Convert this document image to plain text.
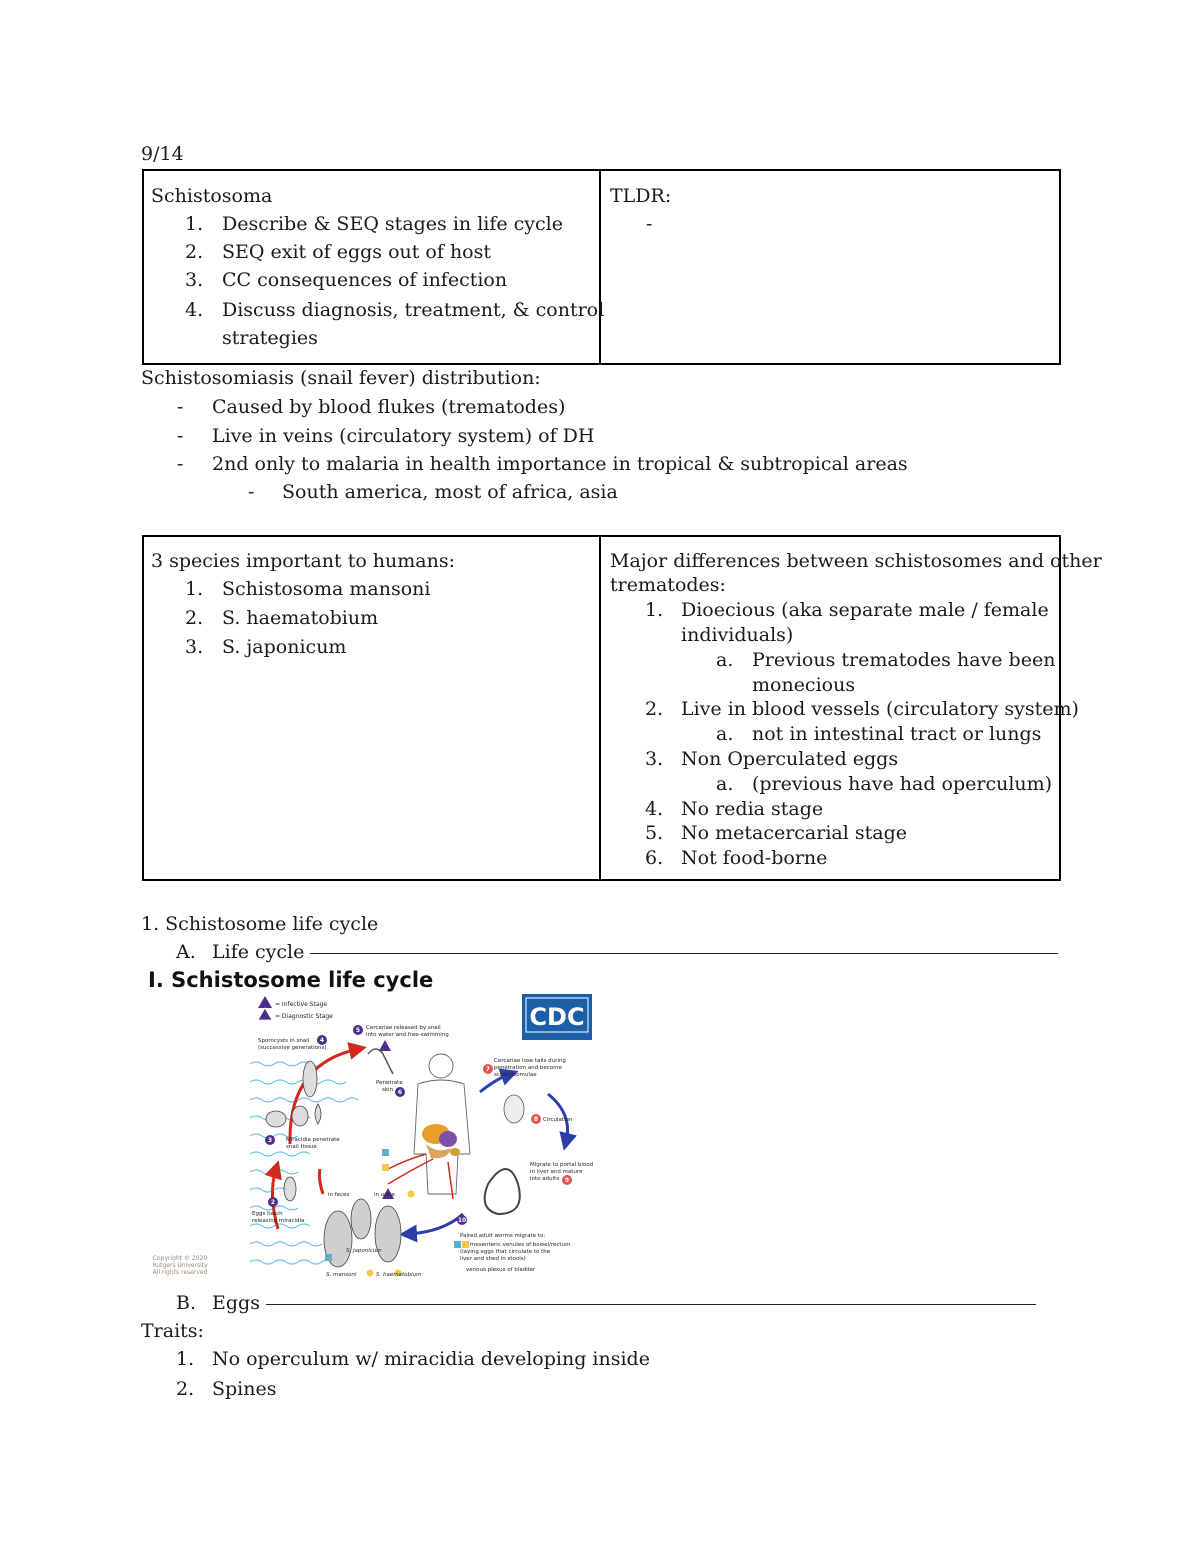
9/14
Schistosoma
1. Describe & SEQ stages in life cycle
2. SEQ exit of eggs out of host
3. CC consequences of infection
4. Discuss diagnosis, treatment, & control
strategies
TLDR:
-
Schistosomiasis (snail fever) distribution:
- Caused by blood flukes (trematodes)
- Live in veins (circulatory system) of DH
- 2nd only to malaria in health importance in tropical & subtropical areas
- South america, most of africa, asia
3 species important to humans:
1. Schistosoma mansoni
2. S. haematobium
3. S. japonicum
Major differences between schistosomes and other
trematodes:
1. Dioecious (aka separate male / female
individuals)
a. Previous trematodes have been
monecious
2. Live in blood vessels (circulatory system)
a. not in intestinal tract or lungs
3. Non Operculated eggs
a. (previous have had operculum)
4. No redia stage
5. No metacercarial stage
6. Not food-borne
1. Schistosome life cycle
A. Life cycle
I. Schistosome life cycle
Copyright © 2020
Rutgers University
All rights reserved
= Infective Stage
= Diagnostic Stage	CDC
5
4
3
2
7
8
9
10
6
Sporocysts in snail
(successive generations)
Cercariae released by snail
into water and free-swimming
Penetrate
skin
Cercariae lose tails during
penetration and become
schistosomulae
Circulation
Migrate to portal blood
in liver and mature
into adults
Miracidia penetrate
snail tissue
Eggs hatch
releasing miracidia
in feces	in urine
Paired adult worms migrate to:
mesenteric venules of bowel/rectum
(laying eggs that circulate to the
liver and shed in stools)
venous plexus of bladder
S. mansoni
S. japonicum
S. haematobium
B. Eggs
Traits:
1. No operculum w/ miracidia developing inside
2. Spines
